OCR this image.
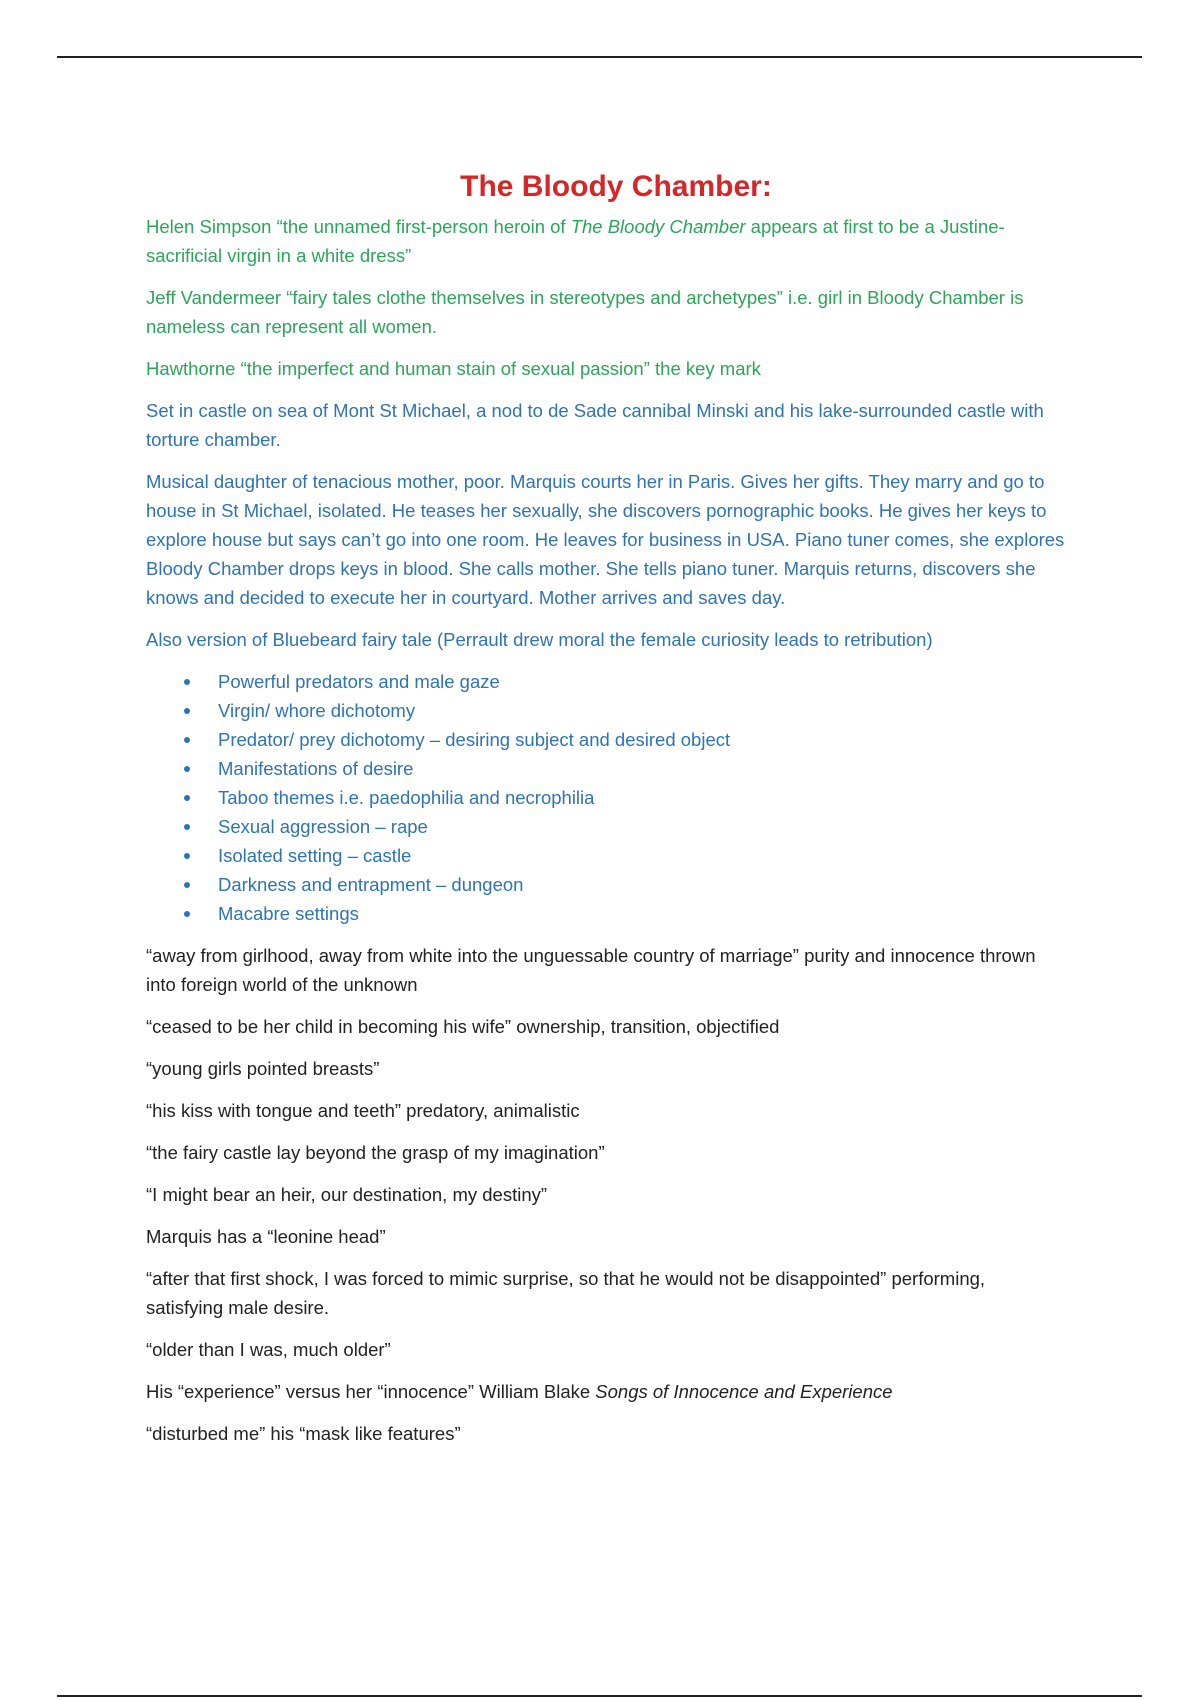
The Bloody Chamber:

Helen Simpson “the unnamed first-person heroin of The Bloody Chamber appears at first to be a Justine-sacrificial virgin in a white dress”

Jeff Vandermeer “fairy tales clothe themselves in stereotypes and archetypes” i.e. girl in Bloody Chamber is nameless can represent all women.

Hawthorne “the imperfect and human stain of sexual passion” the key mark

Set in castle on sea of Mont St Michael, a nod to de Sade cannibal Minski and his lake-surrounded castle with torture chamber.

Musical daughter of tenacious mother, poor. Marquis courts her in Paris. Gives her gifts. They marry and go to house in St Michael, isolated. He teases her sexually, she discovers pornographic books. He gives her keys to explore house but says can’t go into one room. He leaves for business in USA. Piano tuner comes, she explores Bloody Chamber drops keys in blood. She calls mother. She tells piano tuner. Marquis returns, discovers she knows and decided to execute her in courtyard. Mother arrives and saves day.

Also version of Bluebeard fairy tale (Perrault drew moral the female curiosity leads to retribution)

Powerful predators and male gaze
Virgin/ whore dichotomy
Predator/ prey dichotomy – desiring subject and desired object
Manifestations of desire
Taboo themes i.e. paedophilia and necrophilia
Sexual aggression – rape
Isolated setting – castle
Darkness and entrapment – dungeon
Macabre settings

“away from girlhood, away from white into the unguessable country of marriage” purity and innocence thrown into foreign world of the unknown

“ceased to be her child in becoming his wife” ownership, transition, objectified

“young girls pointed breasts”

“his kiss with tongue and teeth” predatory, animalistic

“the fairy castle lay beyond the grasp of my imagination”

“I might bear an heir, our destination, my destiny”

Marquis has a “leonine head”

“after that first shock, I was forced to mimic surprise, so that he would not be disappointed” performing, satisfying male desire.

“older than I was, much older”

His “experience” versus her “innocence” William Blake Songs of Innocence and Experience

“disturbed me” his “mask like features”
